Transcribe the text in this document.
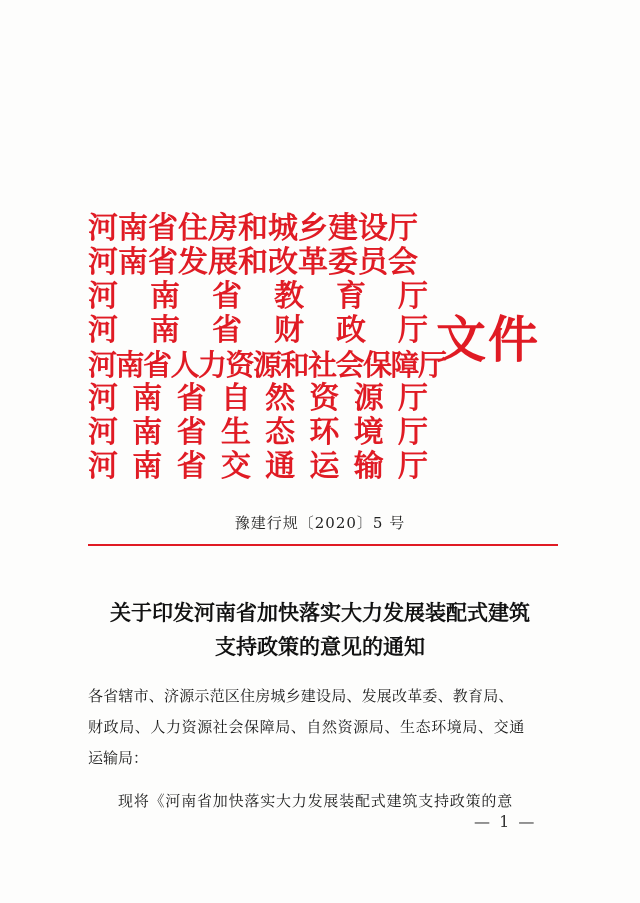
河南省住房和城乡建设厅
河南省发展和改革委员会
河 南 省 教 育 厅
河 南 省 财 政 厅
河南省人力资源和社会保障厅
河 南 省 自 然 资 源 厅
河 南 省 生 态 环 境 厅
河 南 省 交 通 运 输 厅
文件
豫建行规〔2020〕5 号
关于印发河南省加快落实大力发展装配式建筑
支持政策的意见的通知
各省辖市、济源示范区住房城乡建设局、发展改革委、教育局、
财政局、人力资源社会保障局、自然资源局、生态环境局、交通
运输局：
现将《河南省加快落实大力发展装配式建筑支持政策的意
— 1 —
